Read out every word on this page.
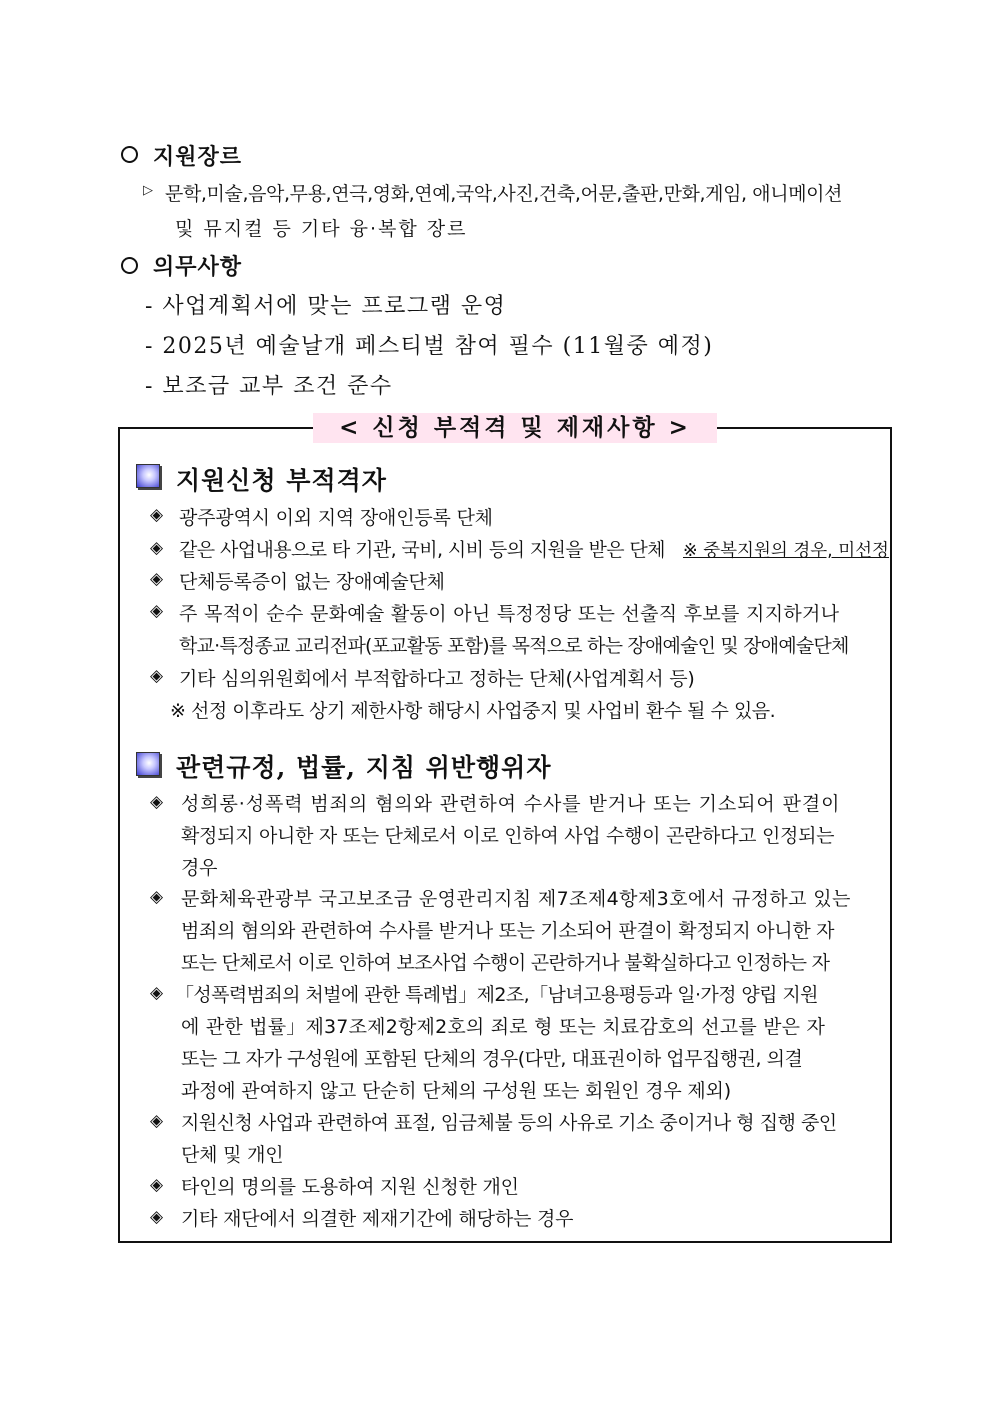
지원장르
▷ 문학,미술,음악,무용,연극,영화,연예,국악,사진,건축,어문,출판,만화,게임, 애니메이션
및 뮤지컬 등 기타 융·복합 장르
의무사항
- 사업계획서에 맞는 프로그램 운영
- 2025년 예술날개 페스티벌 참여 필수 (11월중 예정)
- 보조금 교부 조건 준수
< 신청 부적격 및 제재사항 >
지원신청 부적격자
◈ 광주광역시 이외 지역 장애인등록 단체
◈ 같은 사업내용으로 타 기관, 국비, 시비 등의 지원을 받은 단체 ※ 중복지원의 경우, 미선정
◈ 단체등록증이 없는 장애예술단체
◈ 주 목적이 순수 문화예술 활동이 아닌 특정정당 또는 선출직 후보를 지지하거나
학교·특정종교 교리전파(포교활동 포함)를 목적으로 하는 장애예술인 및 장애예술단체
◈ 기타 심의위원회에서 부적합하다고 정하는 단체(사업계획서 등)
※ 선정 이후라도 상기 제한사항 해당시 사업중지 및 사업비 환수 될 수 있음.
관련규정, 법률, 지침 위반행위자
◈ 성희롱·성폭력 범죄의 혐의와 관련하여 수사를 받거나 또는 기소되어 판결이
확정되지 아니한 자 또는 단체로서 이로 인하여 사업 수행이 곤란하다고 인정되는
경우
◈ 문화체육관광부 국고보조금 운영관리지침 제7조제4항제3호에서 규정하고 있는
범죄의 혐의와 관련하여 수사를 받거나 또는 기소되어 판결이 확정되지 아니한 자
또는 단체로서 이로 인하여 보조사업 수행이 곤란하거나 불확실하다고 인정하는 자
◈ 「성폭력범죄의 처벌에 관한 특례법」제2조,「남녀고용평등과 일·가정 양립 지원
에 관한 법률」제37조제2항제2호의 죄로 형 또는 치료감호의 선고를 받은 자
또는 그 자가 구성원에 포함된 단체의 경우(다만, 대표권이하 업무집행권, 의결
과정에 관여하지 않고 단순히 단체의 구성원 또는 회원인 경우 제외)
◈ 지원신청 사업과 관련하여 표절, 임금체불 등의 사유로 기소 중이거나 형 집행 중인
단체 및 개인
◈ 타인의 명의를 도용하여 지원 신청한 개인
◈ 기타 재단에서 의결한 제재기간에 해당하는 경우
